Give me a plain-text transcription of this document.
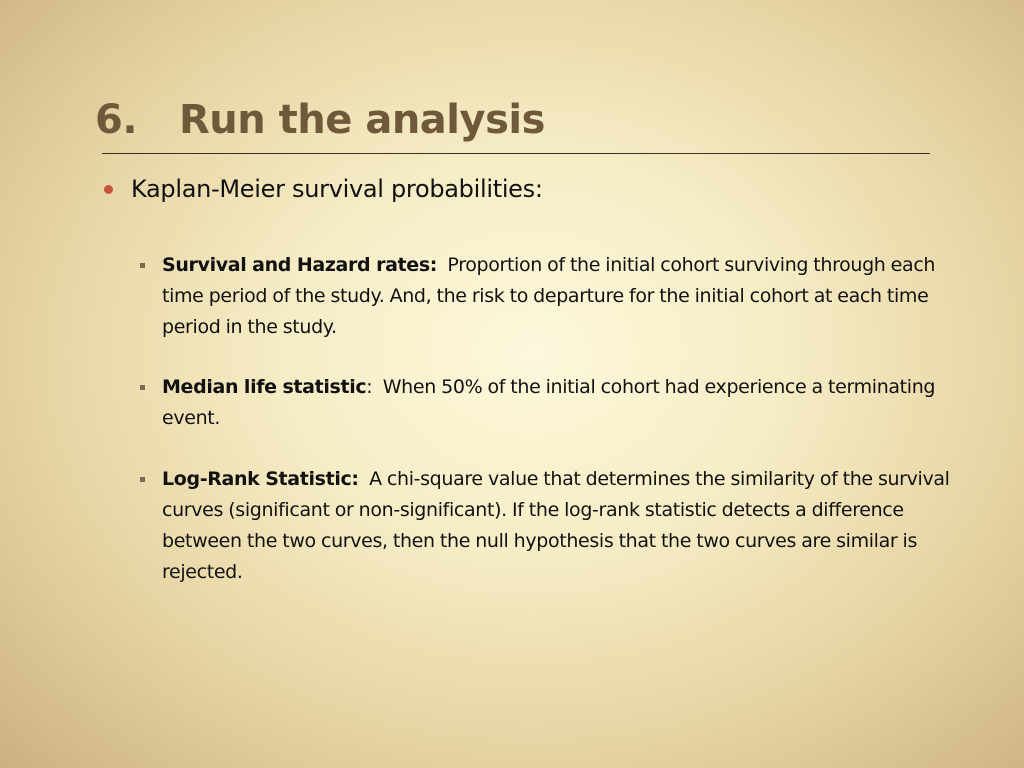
6. Run the analysis
Kaplan-Meier survival probabilities:
Survival and Hazard rates: Proportion of the initial cohort surviving through each time period of the study. And, the risk to departure for the initial cohort at each time period in the study.
Median life statistic: When 50% of the initial cohort had experience a terminating event.
Log-Rank Statistic: A chi-square value that determines the similarity of the survival curves (significant or non-significant). If the log-rank statistic detects a difference between the two curves, then the null hypothesis that the two curves are similar is rejected.
